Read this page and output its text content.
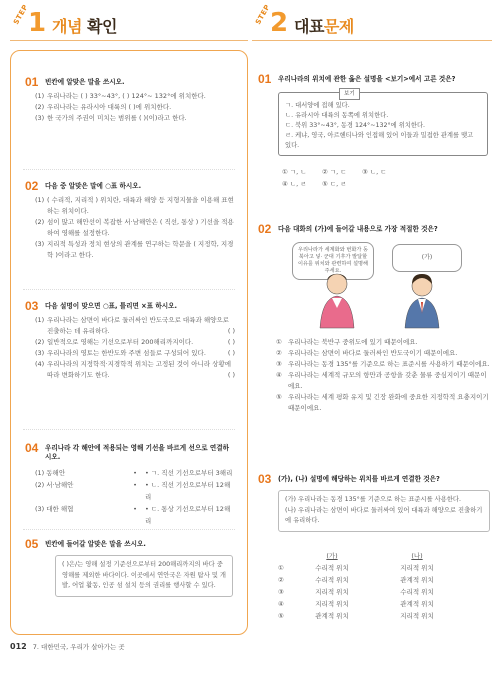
STEP
1 개념 확인
01 빈칸에 알맞은 말을 쓰시오.
(1) 우리나라는 ( ) 33°~43°, ( ) 124°~ 132°에 위치한다.
(2) 우리나라는 유라시아 대륙의 ( )에 위치한다.
(3) 한 국가의 주권이 미치는 범위를 ( )(이)라고 한다.
02 다음 중 알맞은 말에 ○표 하시오.
(1) ( 수리적, 지리적 ) 위치란, 대륙과 해양 등 지형지물을 이용해 표현하는 위치이다.
(2) 섬이 많고 해안선이 복잡한 서·남해안은 ( 직선, 통상 ) 기선을 적용하여 영해를 설정한다.
(3) 지리적 특성과 정치 현상의 관계를 연구하는 학문을 ( 지정학, 지경학 )이라고 한다.
03 다음 설명이 맞으면 ○표, 틀리면 ×표 하시오.
(1) 우리나라는 삼면이 바다로 둘러싸인 반도국으로 대륙과 해양으로 진출하는 데 유리하다.	( )
(2) 일반적으로 영해는 기선으로부터 200해리까지이다.	( )
(3) 우리나라의 영토는 한반도와 주변 섬들로 구성되어 있다.	( )
(4) 우리나라의 지정학적·지경학적 위치는 고정된 것이 아니라 상황에 따라 변화하기도 한다.	( )
04 우리나라 각 해안에 적용되는 영해 기선을 바르게 선으로 연결하시오.
(1) 동해안	•	• ㄱ. 직선 기선으로부터 3해리
(2) 서·남해안	•	• ㄴ. 직선 기선으로부터 12해리
(3) 대한 해협	•	• ㄷ. 통상 기선으로부터 12해리
05 빈칸에 들어갈 알맞은 말을 쓰시오.
( )은/는 영해 설정 기준선으로부터 200해리까지의 바다 중 영해를 제외한 바다이다. 이곳에서 연안국은 자원 탐사 및 개발, 어업 활동, 인공 섬 설치 등의 권리를 행사할 수 있다.
012 7. 대한민국, 우리가 살아가는 곳
STEP
2 대표문제
01 우리나라의 위치에 관한 옳은 설명을 <보기>에서 고른 것은?
보기
ㄱ. 대서양에 접해 있다.
ㄴ. 유라시아 대륙의 동쪽에 위치한다.
ㄷ. 북위 33°~43°, 동경 124°~132°에 위치한다.
ㄹ. 케냐, 영국, 아르헨티나와 인접해 있어 이들과 밀접한 관계를 맺고 있다.
① ㄱ, ㄴ	② ㄱ, ㄷ	③ ㄴ, ㄷ
④ ㄴ, ㄹ	⑤ ㄷ, ㄹ
02 다음 대화의 (가)에 들어갈 내용으로 가장 적절한 것은?
우리나라가 세계화와 번화가 동북아고 넣· 군대 기후가 발달할 이유를 위치와 관련하여 설명해 주세요.
(가)
① 우리나라는 북반구 중위도에 있기 때문이에요.
② 우리나라는 삼면이 바다로 둘러싸인 반도국이기 때문이에요.
③ 우리나라는 동경 135°를 기준으로 하는 표준시를 사용하기 때문이에요.
④ 우리나라는 세계적 규모의 항만과 공항을 갖춘 물류 중심지이기 때문이에요.
⑤ 우리나라는 세계 평화 유지 및 긴장 완화에 중요한 지정학적 요충지이기 때문이에요.
03 (가), (나) 설명에 해당하는 위치를 바르게 연결한 것은?
(가) 우리나라는 동경 135°를 기준으로 하는 표준시를 사용한다.
(나) 우리나라는 삼면이 바다로 둘러싸여 있어 대륙과 해양으로 진출하기에 유리하다.
(가)	(나)
①	수리적 위치	지리적 위치
②	수리적 위치	관계적 위치
③	지리적 위치	수리적 위치
④	지리적 위치	관계적 위치
⑤	관계적 위치	지리적 위치
